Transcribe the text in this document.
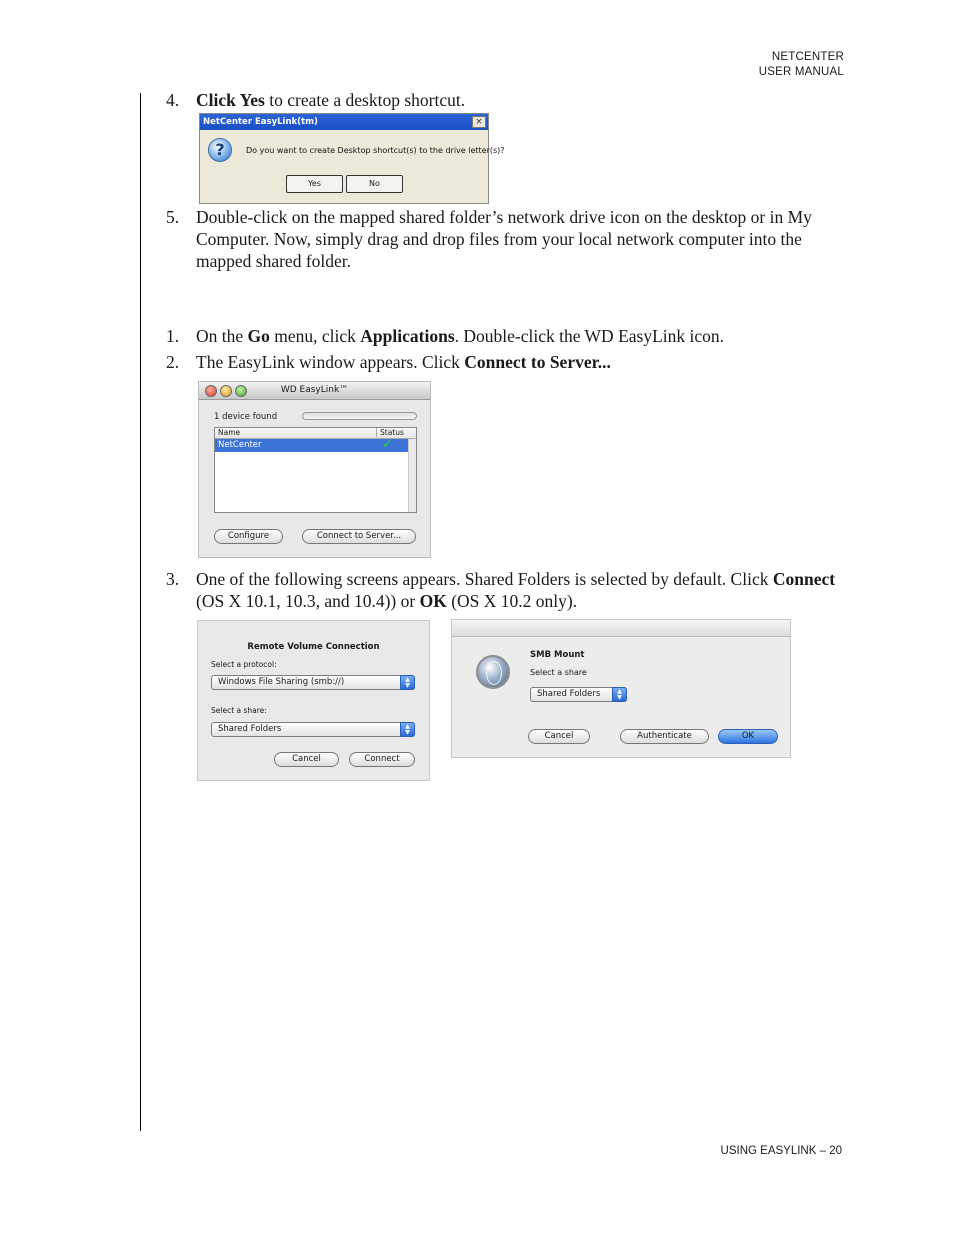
NETCENTER
USER MANUAL
4. Click Yes to create a desktop shortcut.
NetCenter EasyLink(tm)	×
?	Do you want to create Desktop shortcut(s) to the drive letter(s)?
Yes	No
5. Double-click on the mapped shared folder’s network drive icon on the desktop or in My Computer. Now, simply drag and drop files from your local network computer into the mapped shared folder.
1. On the Go menu, click Applications. Double-click the WD EasyLink icon.
2. The EasyLink window appears. Click Connect to Server...
WD EasyLink™
1 device found
Name	Status
NetCenter	✓
Configure	Connect to Server...
3. One of the following screens appears. Shared Folders is selected by default. Click Connect (OS X 10.1, 10.3, and 10.4)) or OK (OS X 10.2 only).
Remote Volume Connection
Select a protocol:
Windows File Sharing (smb://)	▲
▼
Select a share:
Shared Folders	▲
▼
Cancel	Connect
SMB Mount
Select a share
Shared Folders	▲
▼
Cancel	Authenticate	OK
USING EASYLINK – 20
